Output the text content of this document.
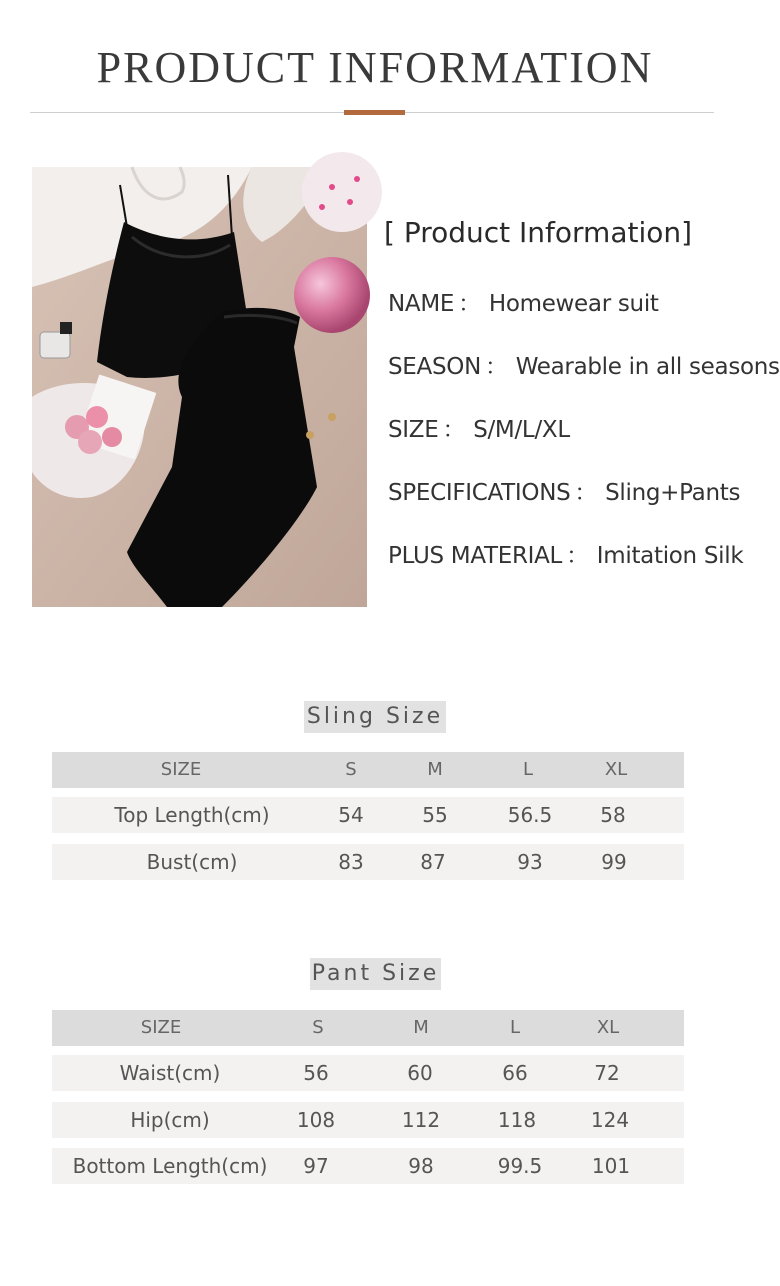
PRODUCT INFORMATION
[ Product Information]
NAME ： Homewear suit
SEASON ： Wearable in all seasons
SIZE ： S/M/L/XL
SPECIFICATIONS ： Sling+Pants
PLUS MATERIAL ： Imitation Silk
Sling Size
SIZE	S	M	L	XL
Top Length(cm)	54	55	56.5	58
Bust(cm)	83	87	93	99
Pant Size
SIZE	S	M	L	XL
Waist(cm)	56	60	66	72
Hip(cm)	108	112	118	124
Bottom Length(cm)	97	98	99.5	101
